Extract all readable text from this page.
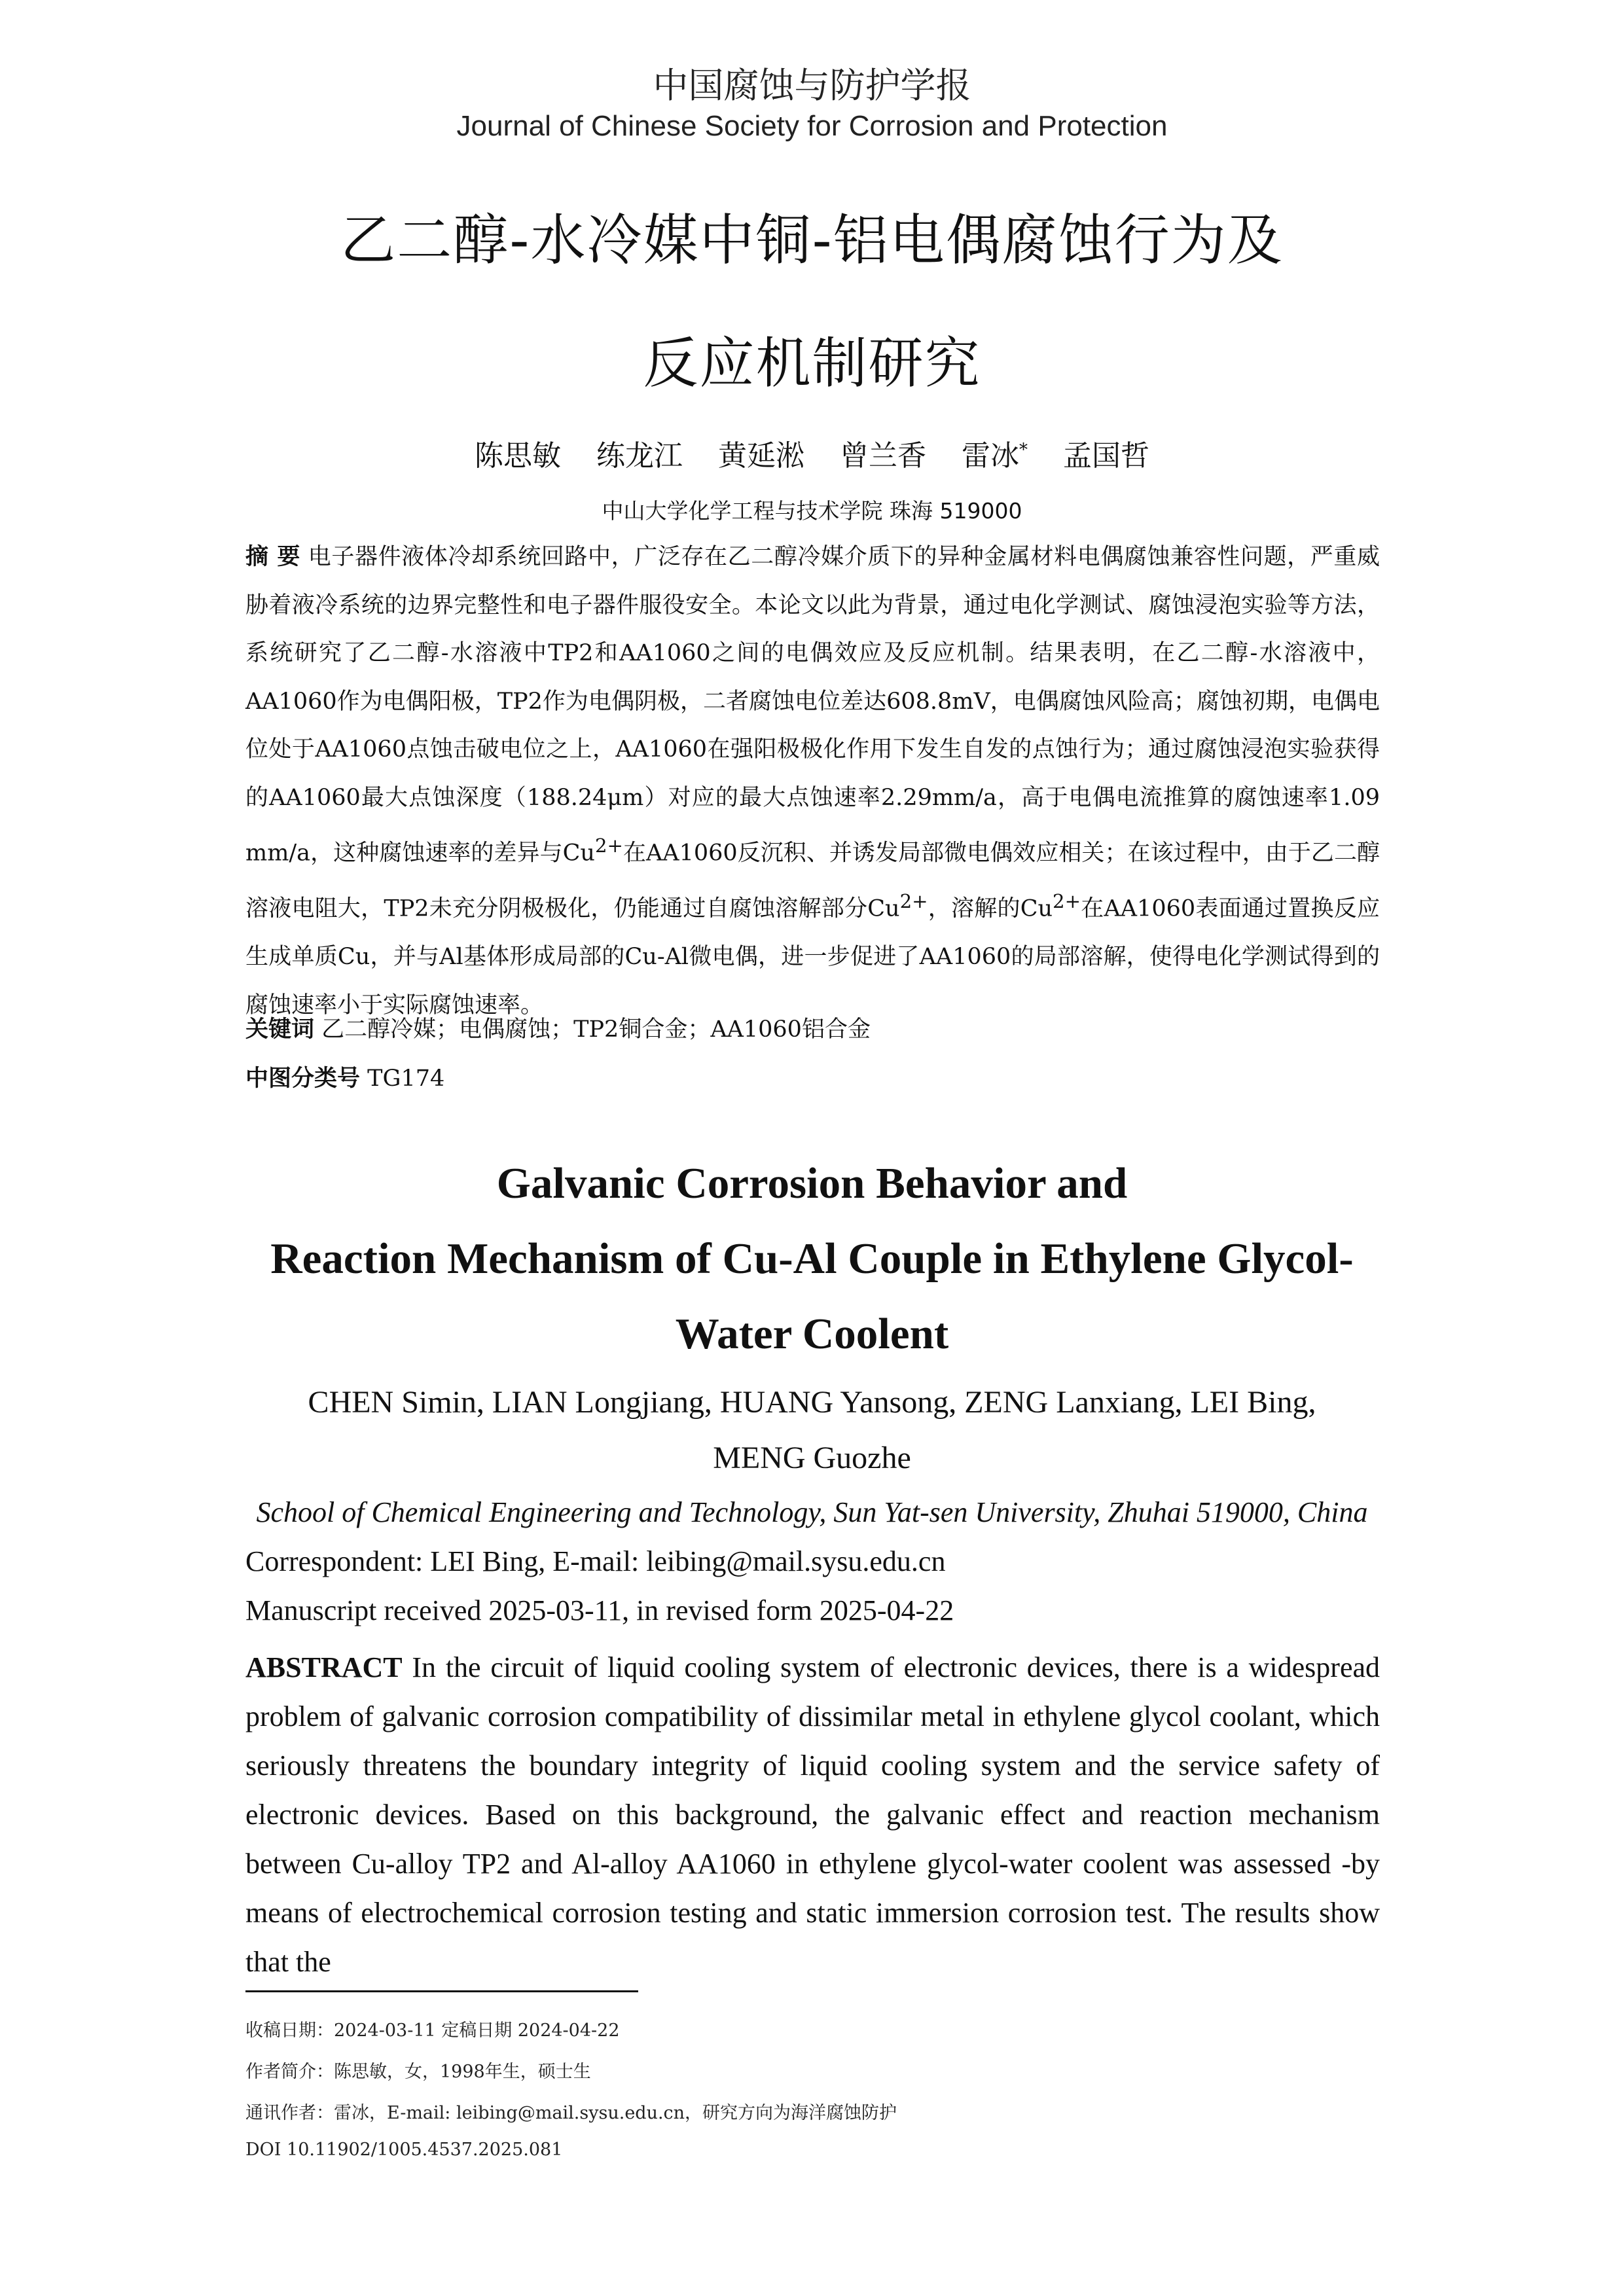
中国腐蚀与防护学报
Journal of Chinese Society for Corrosion and Protection
乙二醇-水冷媒中铜-铝电偶腐蚀行为及
反应机制研究
陈思敏 练龙江 黄延淞 曾兰香 雷冰* 孟国哲
中山大学化学工程与技术学院 珠海 519000
摘 要 电子器件液体冷却系统回路中，广泛存在乙二醇冷媒介质下的异种金属材料电偶腐蚀兼容性问题，严重威胁着液冷系统的边界完整性和电子器件服役安全。本论文以此为背景，通过电化学测试、腐蚀浸泡实验等方法，系统研究了乙二醇-水溶液中TP2和AA1060之间的电偶效应及反应机制。结果表明，在乙二醇-水溶液中，AA1060作为电偶阳极，TP2作为电偶阴极，二者腐蚀电位差达608.8mV，电偶腐蚀风险高；腐蚀初期，电偶电位处于AA1060点蚀击破电位之上，AA1060在强阳极极化作用下发生自发的点蚀行为；通过腐蚀浸泡实验获得的AA1060最大点蚀深度（188.24μm）对应的最大点蚀速率2.29mm/a，高于电偶电流推算的腐蚀速率1.09 mm/a，这种腐蚀速率的差异与$Cu^{2+}$在AA1060反沉积、并诱发局部微电偶效应相关；在该过程中，由于乙二醇溶液电阻大，TP2未充分阴极极化，仍能通过自腐蚀溶解部分$Cu^{2+}$，溶解的$Cu^{2+}$在AA1060表面通过置换反应生成单质Cu，并与Al基体形成局部的Cu-Al微电偶，进一步促进了AA1060的局部溶解，使得电化学测试得到的腐蚀速率小于实际腐蚀速率。
关键词 乙二醇冷媒；电偶腐蚀；TP2铜合金；AA1060铝合金
中图分类号 TG174
Galvanic Corrosion Behavior and
Reaction Mechanism of Cu-Al Couple in Ethylene Glycol-
Water Coolent
CHEN Simin, LIAN Longjiang, HUANG Yansong, ZENG Lanxiang, LEI Bing,
MENG Guozhe
School of Chemical Engineering and Technology, Sun Yat-sen University, Zhuhai 519000, China
Correspondent: LEI Bing, E-mail: leibing@mail.sysu.edu.cn
Manuscript received 2025-03-11, in revised form 2025-04-22
ABSTRACT In the circuit of liquid cooling system of electronic devices, there is a widespread problem of galvanic corrosion compatibility of dissimilar metal in ethylene glycol coolant, which seriously threatens the boundary integrity of liquid cooling system and the service safety of electronic devices. Based on this background, the galvanic effect and reaction mechanism between Cu-alloy TP2 and Al-alloy AA1060 in ethylene glycol-water coolent was assessed -by means of electrochemical corrosion testing and static immersion corrosion test. The results show that the
收稿日期：2024-03-11 定稿日期 2024-04-22
作者简介：陈思敏，女，1998年生，硕士生
通讯作者：雷冰，E-mail: leibing@mail.sysu.edu.cn，研究方向为海洋腐蚀防护
DOI 10.11902/1005.4537.2025.081
